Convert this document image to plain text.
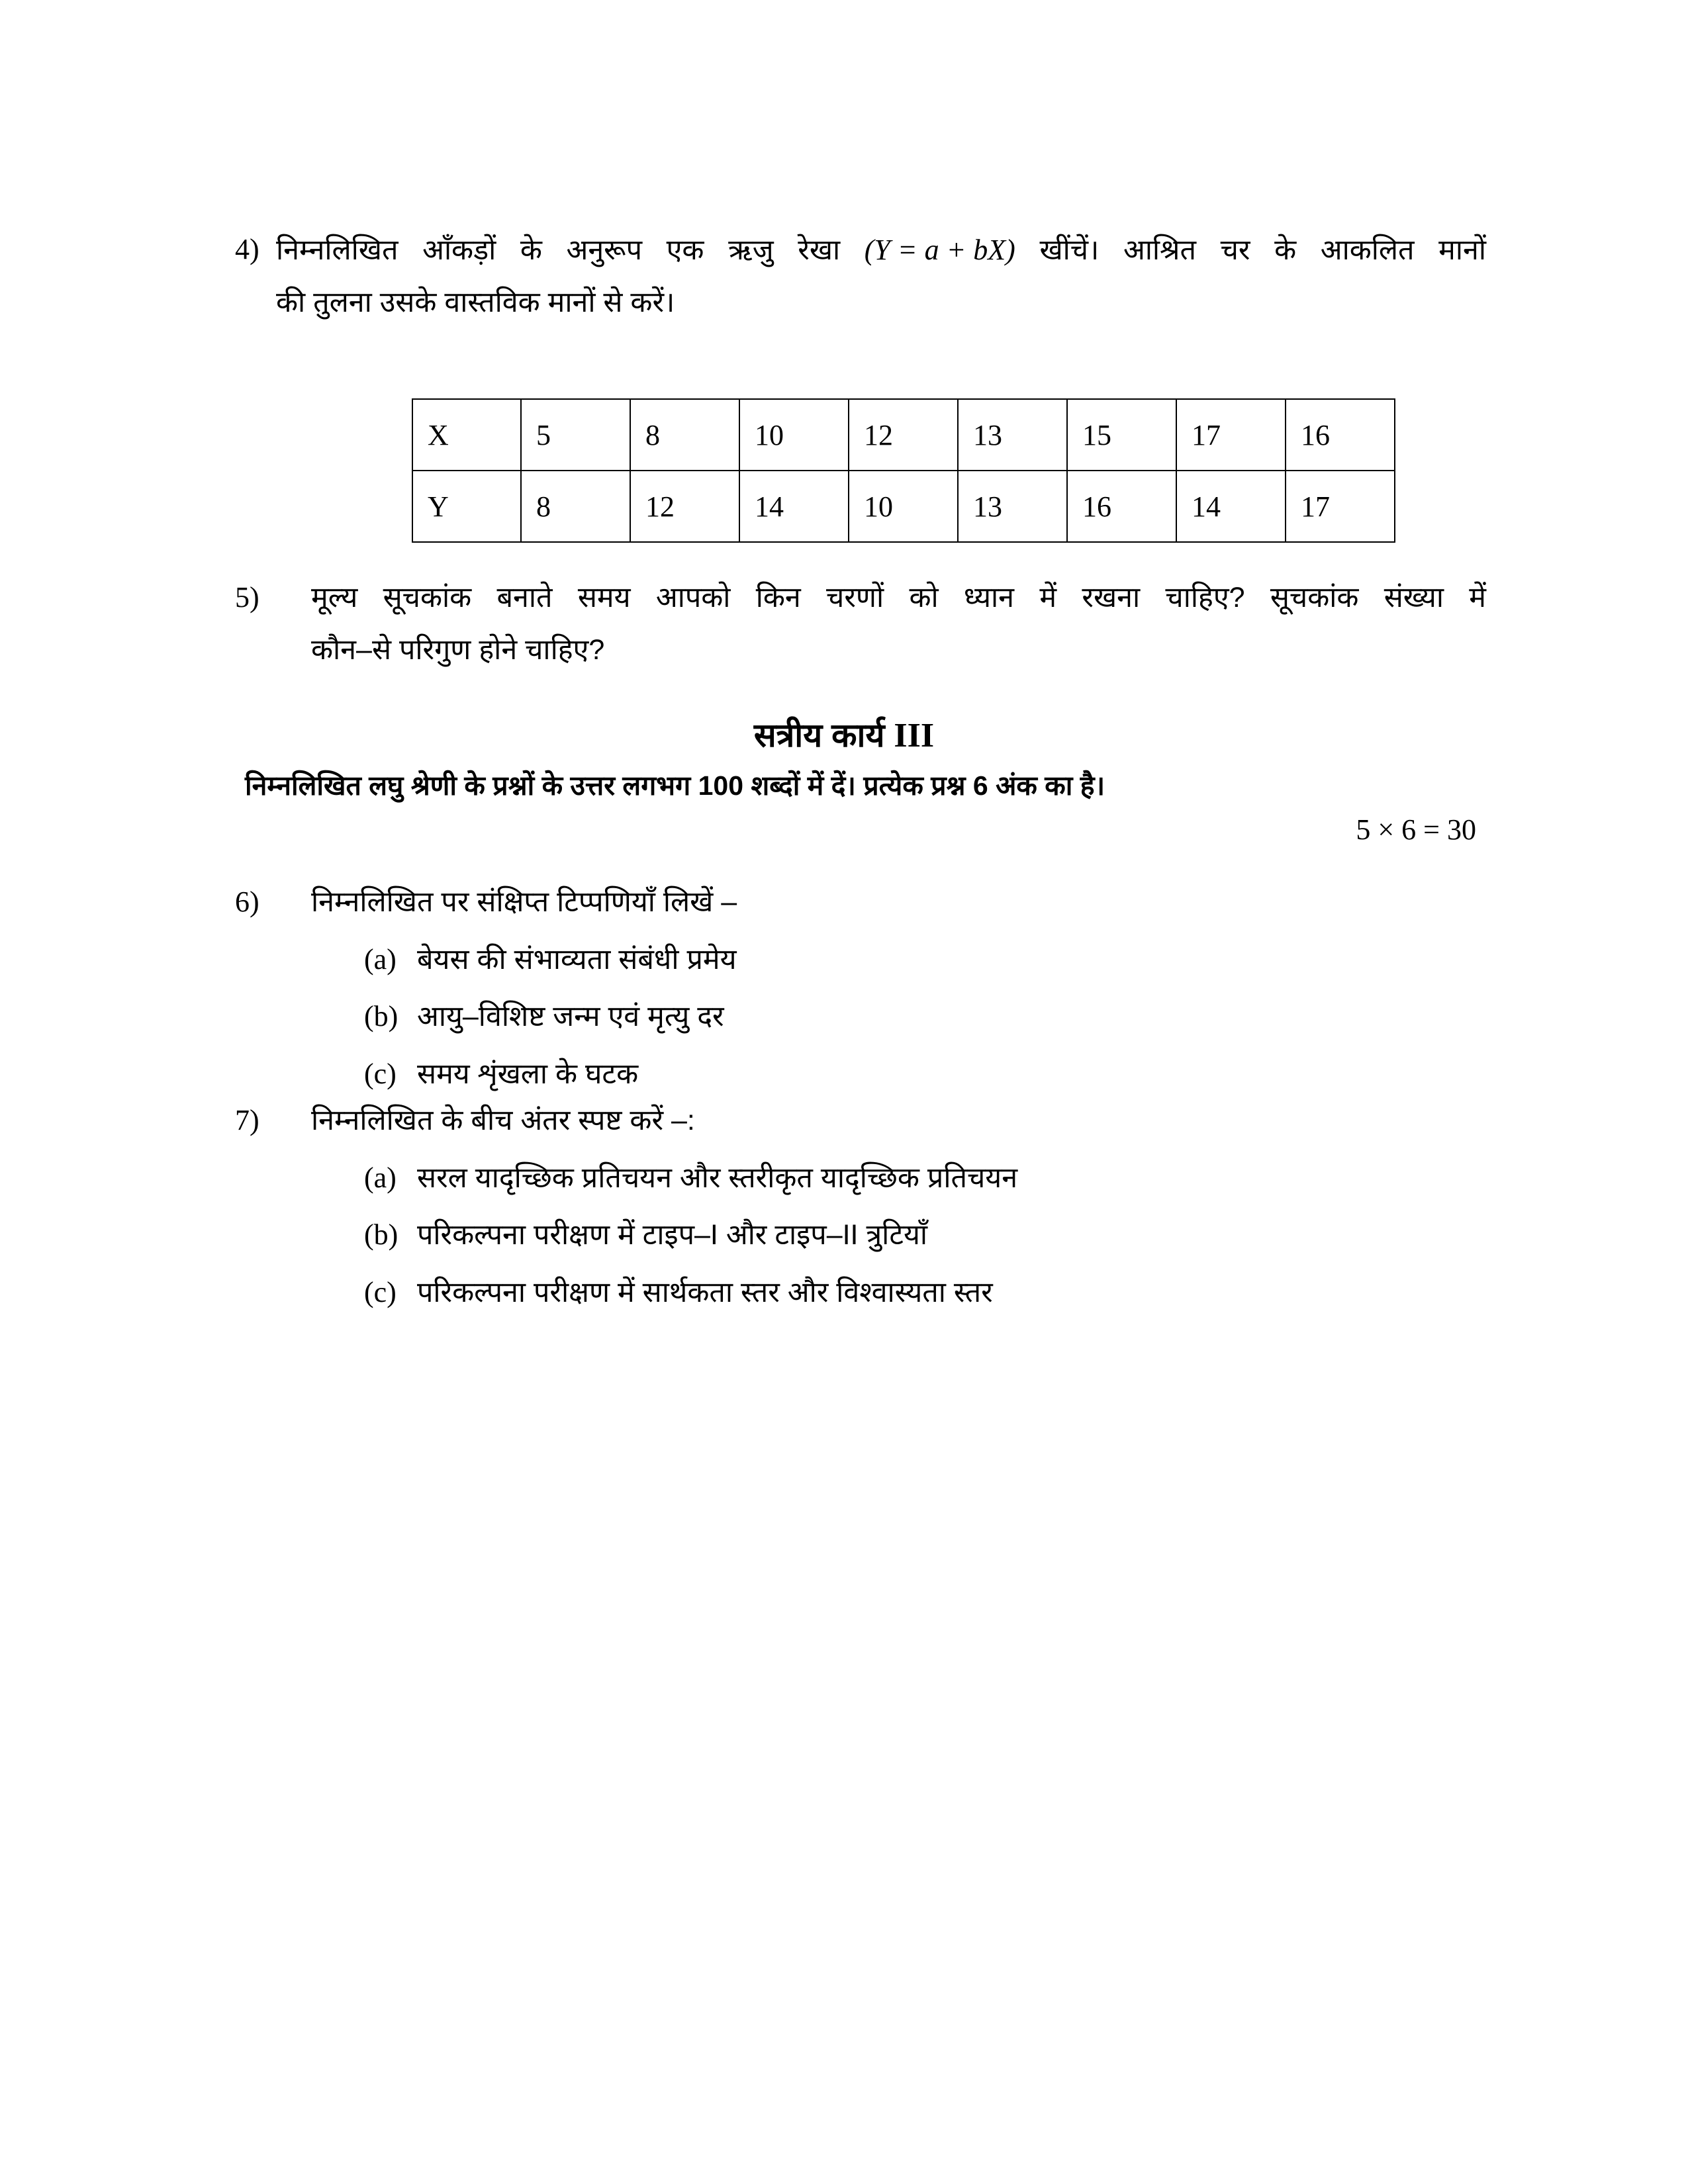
4) निम्नलिखित आँकड़ों के अनुरूप एक ऋजु रेखा (Y = a + bX) खींचें। आश्रित चर के आकलित मानों
की तुलना उसके वास्तविक मानों से करें।
X	5	8	10	12	13	15	17	16
Y	8	12	14	10	13	16	14	17
5)	मूल्य सूचकांक बनाते समय आपको किन चरणों को ध्यान में रखना चाहिए? सूचकांक संख्या में
कौन–से परिगुण होने चाहिए?
सत्रीय कार्य III
निम्नलिखित लघु श्रेणी के प्रश्नों के उत्तर लगभग 100 शब्दों में दें। प्रत्येक प्रश्न 6 अंक का है।
5 × 6 = 30
6)	निम्नलिखित पर संक्षिप्त टिप्पणियाँ लिखें –
(a) बेयस की संभाव्यता संबंधी प्रमेय
(b) आयु–विशिष्ट जन्म एवं मृत्यु दर
(c) समय शृंखला के घटक
7)	निम्नलिखित के बीच अंतर स्पष्ट करें –:
(a) सरल यादृच्छिक प्रतिचयन और स्तरीकृत यादृच्छिक प्रतिचयन
(b) परिकल्पना परीक्षण में टाइप–I और टाइप–II त्रुटियाँ
(c) परिकल्पना परीक्षण में सार्थकता स्तर और विश्वास्यता स्तर
